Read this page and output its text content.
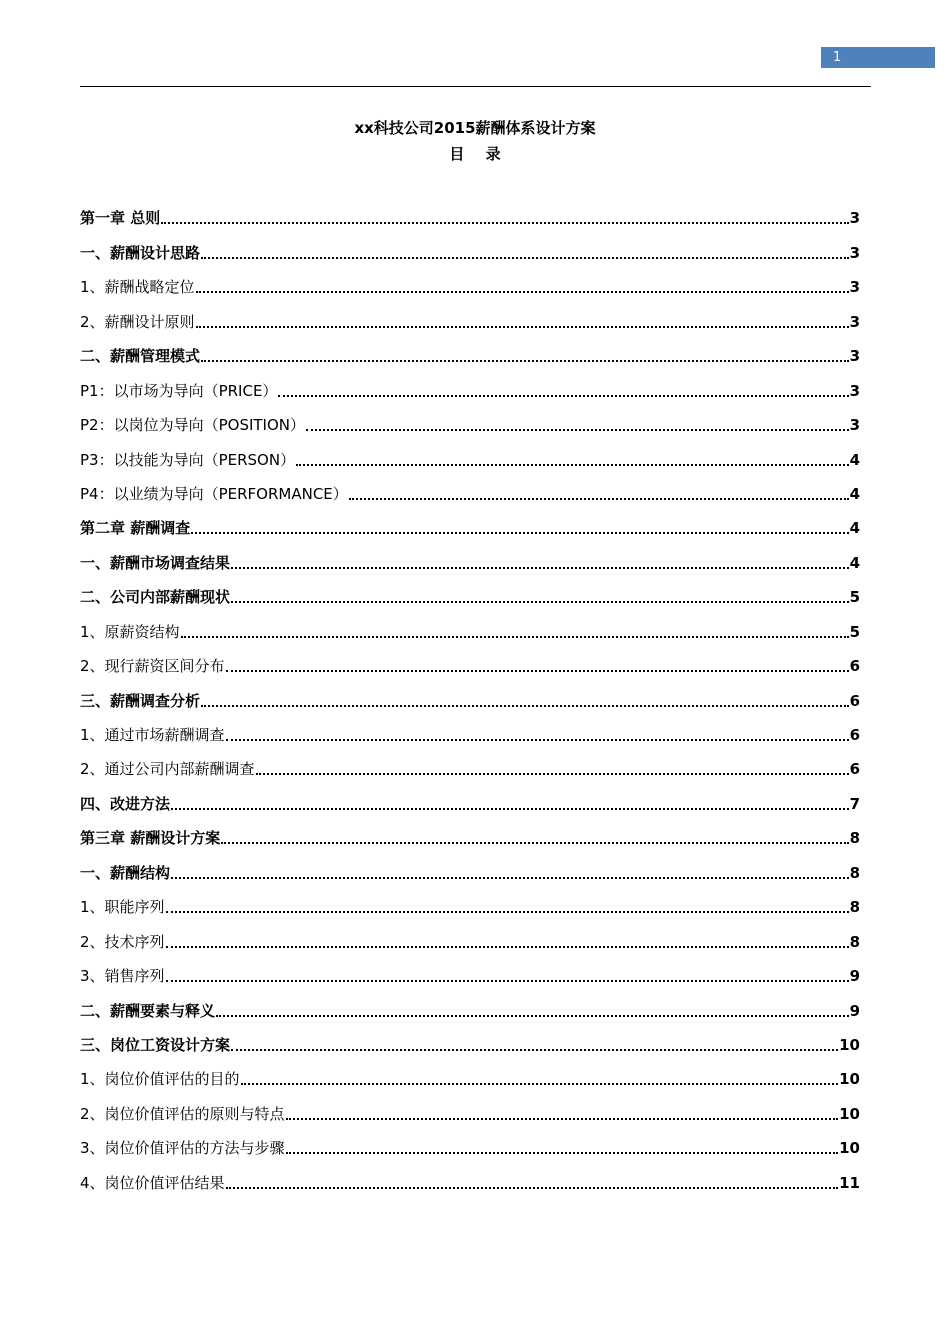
1
xx科技公司2015薪酬体系设计方案
目 录
第一章 总则	3
一、薪酬设计思路	3
1、薪酬战略定位	3
2、薪酬设计原则	3
二、薪酬管理模式	3
P1：以市场为导向（PRICE）	3
P2：以岗位为导向（POSITION）	3
P3：以技能为导向（PERSON）	4
P4：以业绩为导向（PERFORMANCE）	4
第二章 薪酬调查	4
一、薪酬市场调查结果	4
二、公司内部薪酬现状	5
1、原薪资结构	5
2、现行薪资区间分布	6
三、薪酬调查分析	6
1、通过市场薪酬调查	6
2、通过公司内部薪酬调查	6
四、改进方法	7
第三章 薪酬设计方案	8
一、薪酬结构	8
1、职能序列	8
2、技术序列	8
3、销售序列	9
二、薪酬要素与释义	9
三、岗位工资设计方案	10
1、岗位价值评估的目的	10
2、岗位价值评估的原则与特点	10
3、岗位价值评估的方法与步骤	10
4、岗位价值评估结果	11
